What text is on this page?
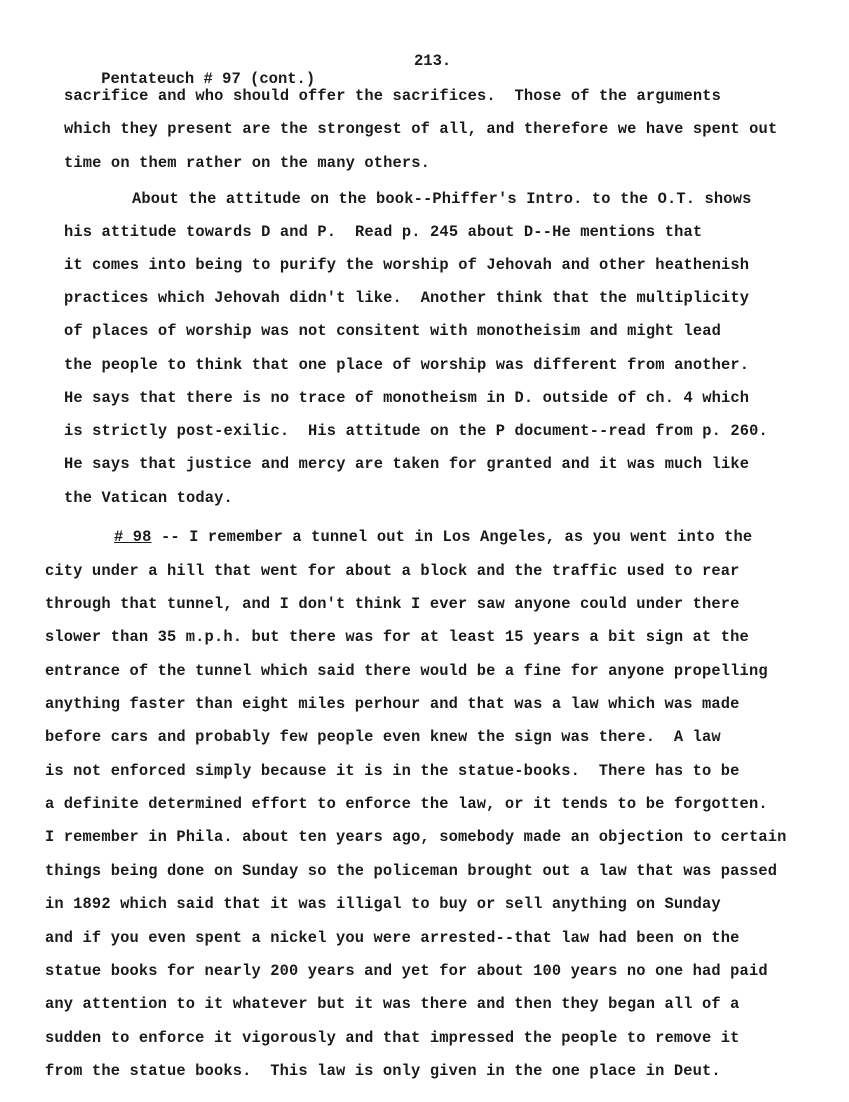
Pentateuch # 97 (cont.)

213.

sacrifice and who should offer the sacrifices.  Those of the arguments
which they present are the strongest of all, and therefore we have spent out
time on them rather on the many others.
About the attitude on the book--Phiffer's Intro. to the O.T. shows
his attitude towards D and P.  Read p. 245 about D--He mentions that
it comes into being to purify the worship of Jehovah and other heathenish
practices which Jehovah didn't like.  Another think that the multiplicity
of places of worship was not consitent with monotheisim and might lead
the people to think that one place of worship was different from another.
He says that there is no trace of monotheism in D. outside of ch. 4 which
is strictly post-exilic.  His attitude on the P document--read from p. 260.
He says that justice and mercy are taken for granted and it was much like
the Vatican today.
# 98 -- I remember a tunnel out in Los Angeles, as you went into the
city under a hill that went for about a block and the traffic used to rear
through that tunnel, and I don't think I ever saw anyone could under there
slower than 35 m.p.h. but there was for at least 15 years a bit sign at the
entrance of the tunnel which said there would be a fine for anyone propelling
anything faster than eight miles perhour and that was a law which was made
before cars and probably few people even knew the sign was there.  A law
is not enforced simply because it is in the statue-books.  There has to be
a definite determined effort to enforce the law, or it tends to be forgotten.
I remember in Phila. about ten years ago, somebody made an objection to certain
things being done on Sunday so the policeman brought out a law that was passed
in 1892 which said that it was illigal to buy or sell anything on Sunday
and if you even spent a nickel you were arrested--that law had been on the
statue books for nearly 200 years and yet for about 100 years no one had paid
any attention to it whatever but it was there and then they began all of a
sudden to enforce it vigorously and that impressed the people to remove it
from the statue books.  This law is only given in the one place in Deut.
